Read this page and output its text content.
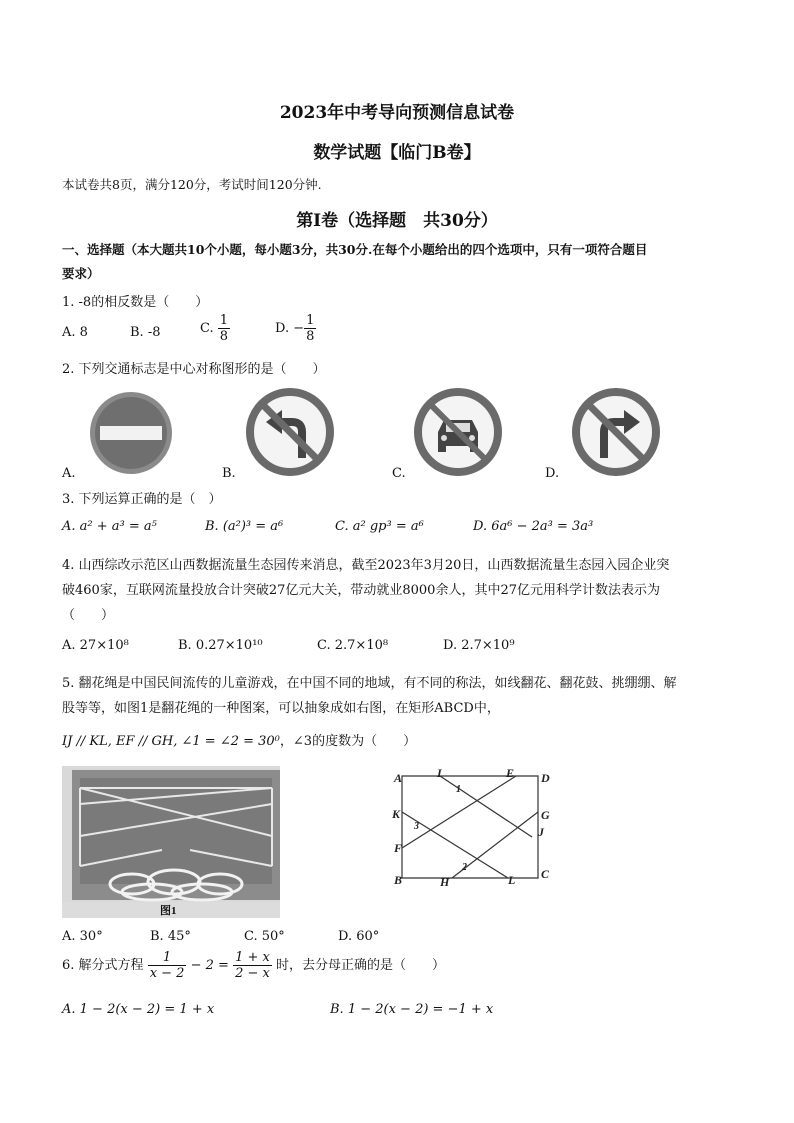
2023年中考导向预测信息试卷
数学试题【临门B卷】
本试卷共8页，满分120分，考试时间120分钟.
第I卷（选择题　共30分）
一、选择题（本大题共10个小题，每小题3分，共30分.在每个小题给出的四个选项中，只有一项符合题目
要求）
1. -8的相反数是（　　）
A. 8	B. -8	C. $\frac{1}{8}$	D. − $\frac{1}{8}$
2. 下列交通标志是中心对称图形的是（　　）
A.	B.	C.	D.
3. 下列运算正确的是（　）
A. a² + a³ = a⁵	B. (a²)³ = a⁶	C. a² gp³ = a⁶	D. 6a⁶ − 2a³ = 3a³
4. 山西综改示范区山西数据流量生态园传来消息，截至2023年3月20日，山西数据流量生态园入园企业突
破460家，互联网流量投放合计突破27亿元大关，带动就业8000余人，其中27亿元用科学计数法表示为
（　　）
A. 27×10⁸	B. 0.27×10¹⁰	C. 2.7×10⁸	D. 2.7×10⁹
5. 翻花绳是中国民间流传的儿童游戏，在中国不同的地域，有不同的称法，如线翻花、翻花鼓、挑绷绷、解
股等等，如图1是翻花绳的一种图案，可以抽象成如右图，在矩形ABCD中，
IJ // KL, EF // GH, ∠1 = ∠2 = 30⁰，∠3的度数为（　　）
图1
A	I	E D
K
3
G
J
F
B	H
2
L C
1
A. 30°	B. 45°	C. 50°	D. 60°
6. 解分式方程 $\frac{1}{x - 2} - 2 = \frac{1 + x}{2 - x}$ 时，去分母正确的是（　　）
A. 1 − 2(x − 2) = 1 + x	B. 1 − 2(x − 2) = −1 + x
